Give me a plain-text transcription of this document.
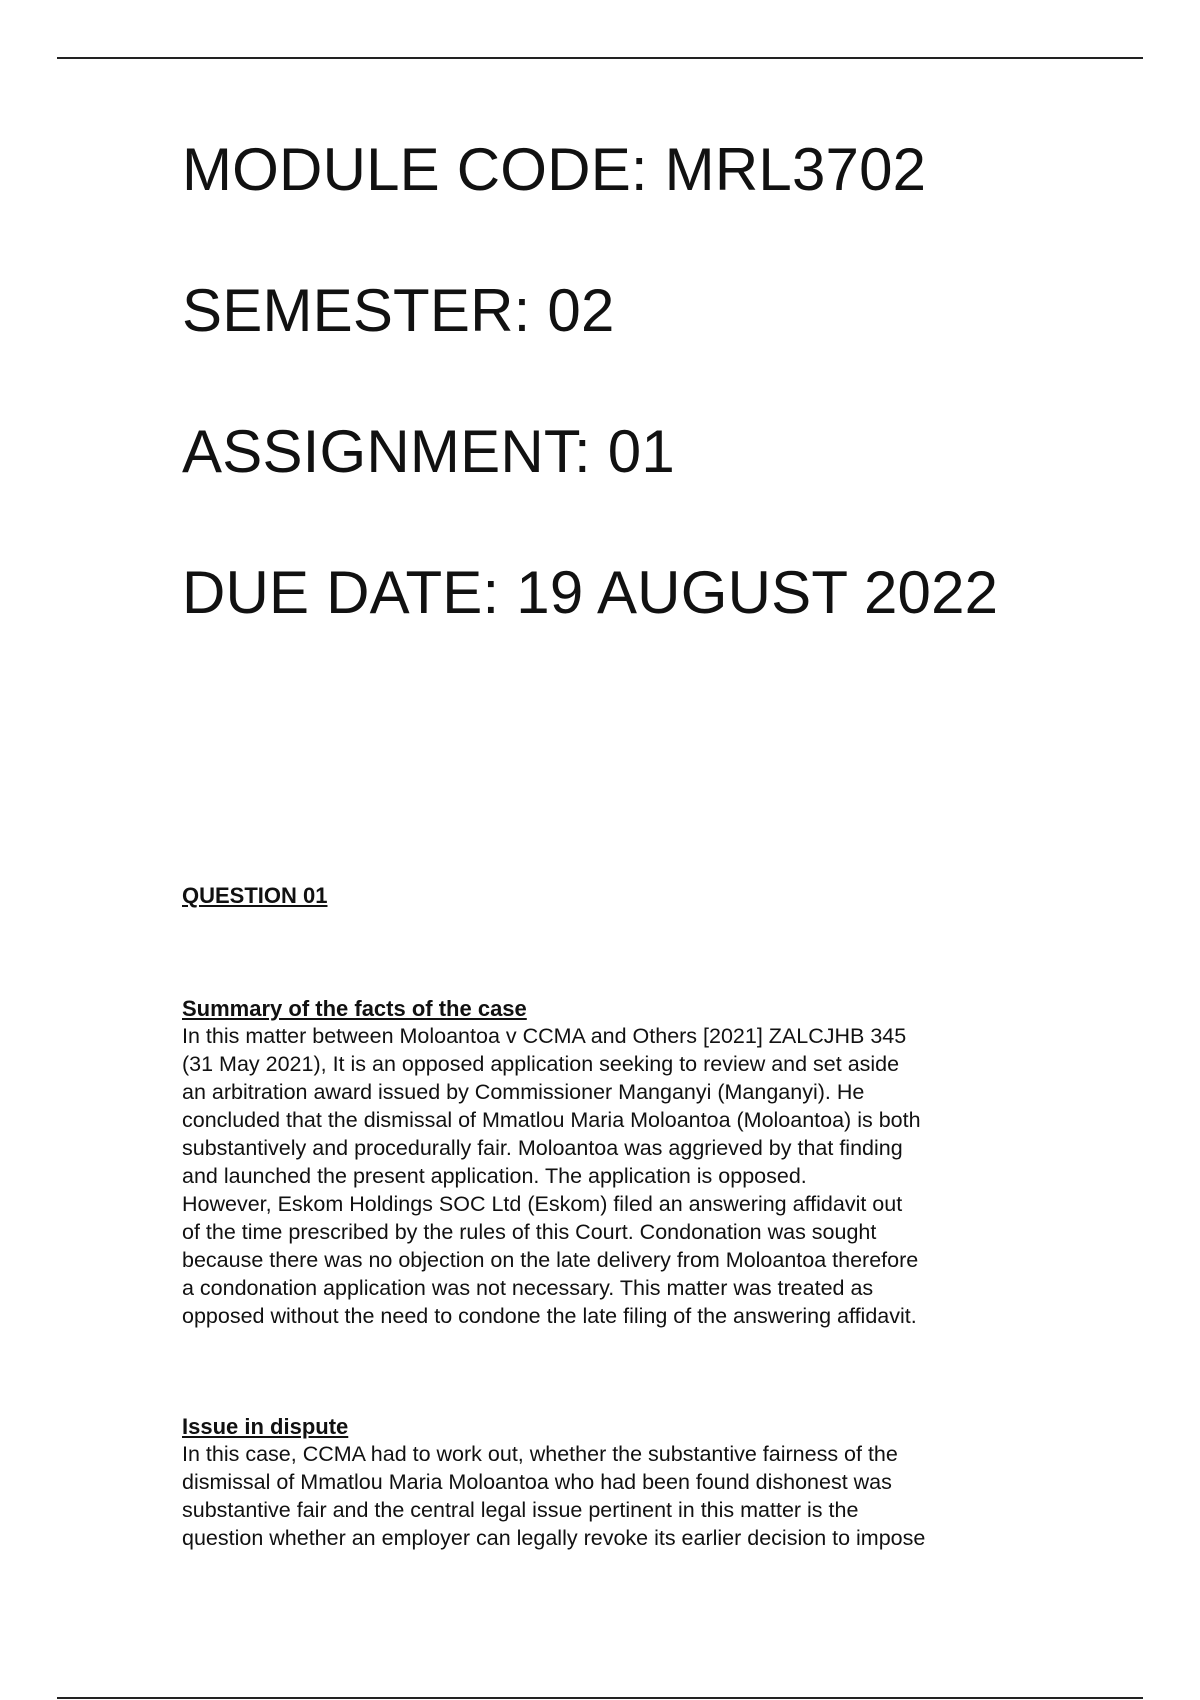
MODULE CODE: MRL3702

SEMESTER: 02

ASSIGNMENT: 01

DUE DATE: 19 AUGUST 2022

QUESTION 01

Summary of the facts of the case

In this matter between Moloantoa v CCMA and Others [2021] ZALCJHB 345

(31 May 2021), It is an opposed application seeking to review and set aside

an arbitration award issued by Commissioner Manganyi (Manganyi). He

concluded that the dismissal of Mmatlou Maria Moloantoa (Moloantoa) is both

substantively and procedurally fair. Moloantoa was aggrieved by that finding

and launched the present application. The application is opposed.

However, Eskom Holdings SOC Ltd (Eskom) filed an answering affidavit out

of the time prescribed by the rules of this Court. Condonation was sought

because there was no objection on the late delivery from Moloantoa therefore

a condonation application was not necessary. This matter was treated as

opposed without the need to condone the late filing of the answering affidavit.

Issue in dispute

In this case, CCMA had to work out, whether the substantive fairness of the

dismissal of Mmatlou Maria Moloantoa who had been found dishonest was

substantive fair and the central legal issue pertinent in this matter is the

question whether an employer can legally revoke its earlier decision to impose
